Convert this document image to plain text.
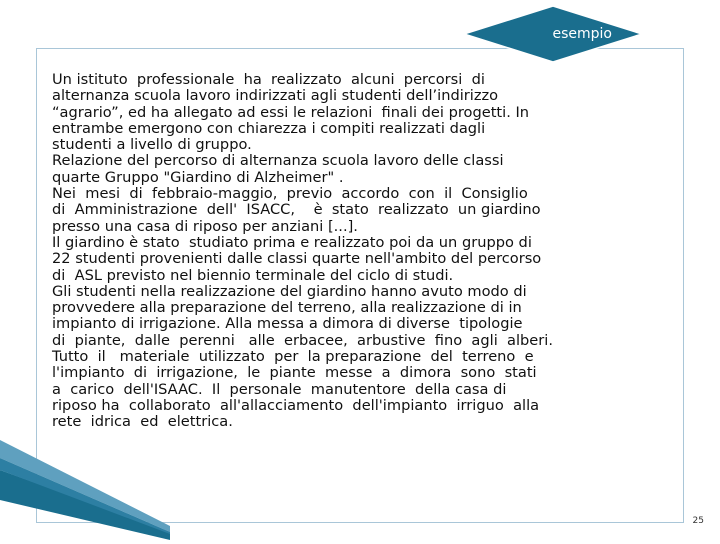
esempio

Un istituto  professionale  ha  realizzato  alcuni  percorsi  di

alternanza scuola lavoro indirizzati agli studenti dell’indirizzo

“agrario”, ed ha allegato ad essi le relazioni  finali dei progetti. In

entrambe emergono con chiarezza i compiti realizzati dagli

studenti a livello di gruppo.

Relazione del percorso di alternanza scuola lavoro delle classi

quarte Gruppo "Giardino di Alzheimer" .

Nei  mesi  di  febbraio-maggio,  previo  accordo  con  il  Consiglio

di  Amministrazione  dell'  ISACC,    è  stato  realizzato  un giardino

presso una casa di riposo per anziani [...].

Il giardino è stato  studiato prima e realizzato poi da un gruppo di

22 studenti provenienti dalle classi quarte nell'ambito del percorso

di  ASL previsto nel biennio terminale del ciclo di studi.

Gli studenti nella realizzazione del giardino hanno avuto modo di

provvedere alla preparazione del terreno, alla realizzazione di in

impianto di irrigazione. Alla messa a dimora di diverse  tipologie

di  piante,  dalle  perenni   alle  erbacee,  arbustive  fino  agli  alberi.

Tutto  il   materiale  utilizzato  per  la preparazione  del  terreno  e

l'impianto  di  irrigazione,  le  piante  messe  a  dimora  sono  stati

a  carico  dell'ISAAC.  Il  personale  manutentore  della casa di

riposo ha  collaborato  all'allacciamento  dell'impianto  irriguo  alla

rete  idrica  ed  elettrica.

25
